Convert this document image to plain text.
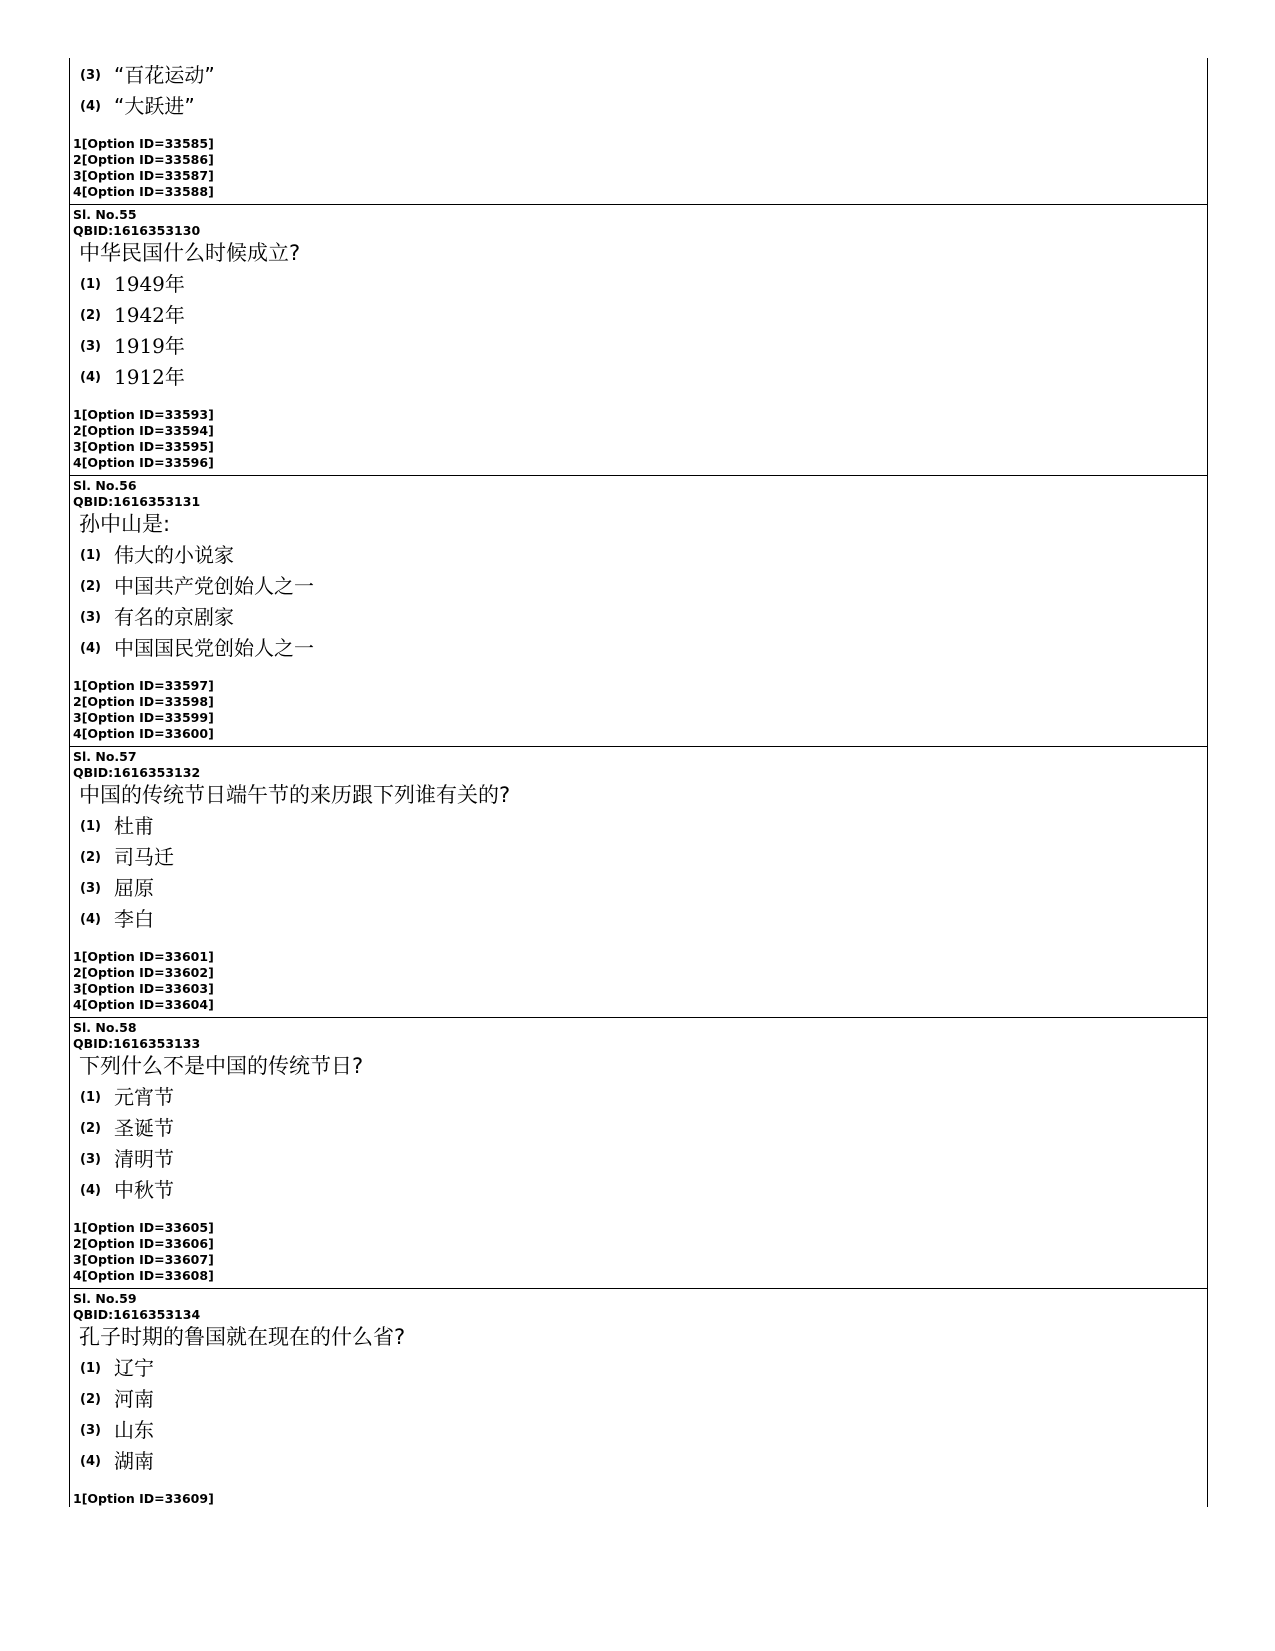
(3) “百花运动”
(4) “大跃进”
1[Option ID=33585]
2[Option ID=33586]
3[Option ID=33587]
4[Option ID=33588]
Sl. No.55
QBID:1616353130
中华民国什么时候成立?
(1) 1949年
(2) 1942年
(3) 1919年
(4) 1912年
1[Option ID=33593]
2[Option ID=33594]
3[Option ID=33595]
4[Option ID=33596]
Sl. No.56
QBID:1616353131
孙中山是:
(1) 伟大的小说家
(2) 中国共产党创始人之一
(3) 有名的京剧家
(4) 中国国民党创始人之一
1[Option ID=33597]
2[Option ID=33598]
3[Option ID=33599]
4[Option ID=33600]
Sl. No.57
QBID:1616353132
中国的传统节日端午节的来历跟下列谁有关的?
(1) 杜甫
(2) 司马迁
(3) 屈原
(4) 李白
1[Option ID=33601]
2[Option ID=33602]
3[Option ID=33603]
4[Option ID=33604]
Sl. No.58
QBID:1616353133
下列什么不是中国的传统节日?
(1) 元宵节
(2) 圣诞节
(3) 清明节
(4) 中秋节
1[Option ID=33605]
2[Option ID=33606]
3[Option ID=33607]
4[Option ID=33608]
Sl. No.59
QBID:1616353134
孔子时期的鲁国就在现在的什么省?
(1) 辽宁
(2) 河南
(3) 山东
(4) 湖南
1[Option ID=33609]
